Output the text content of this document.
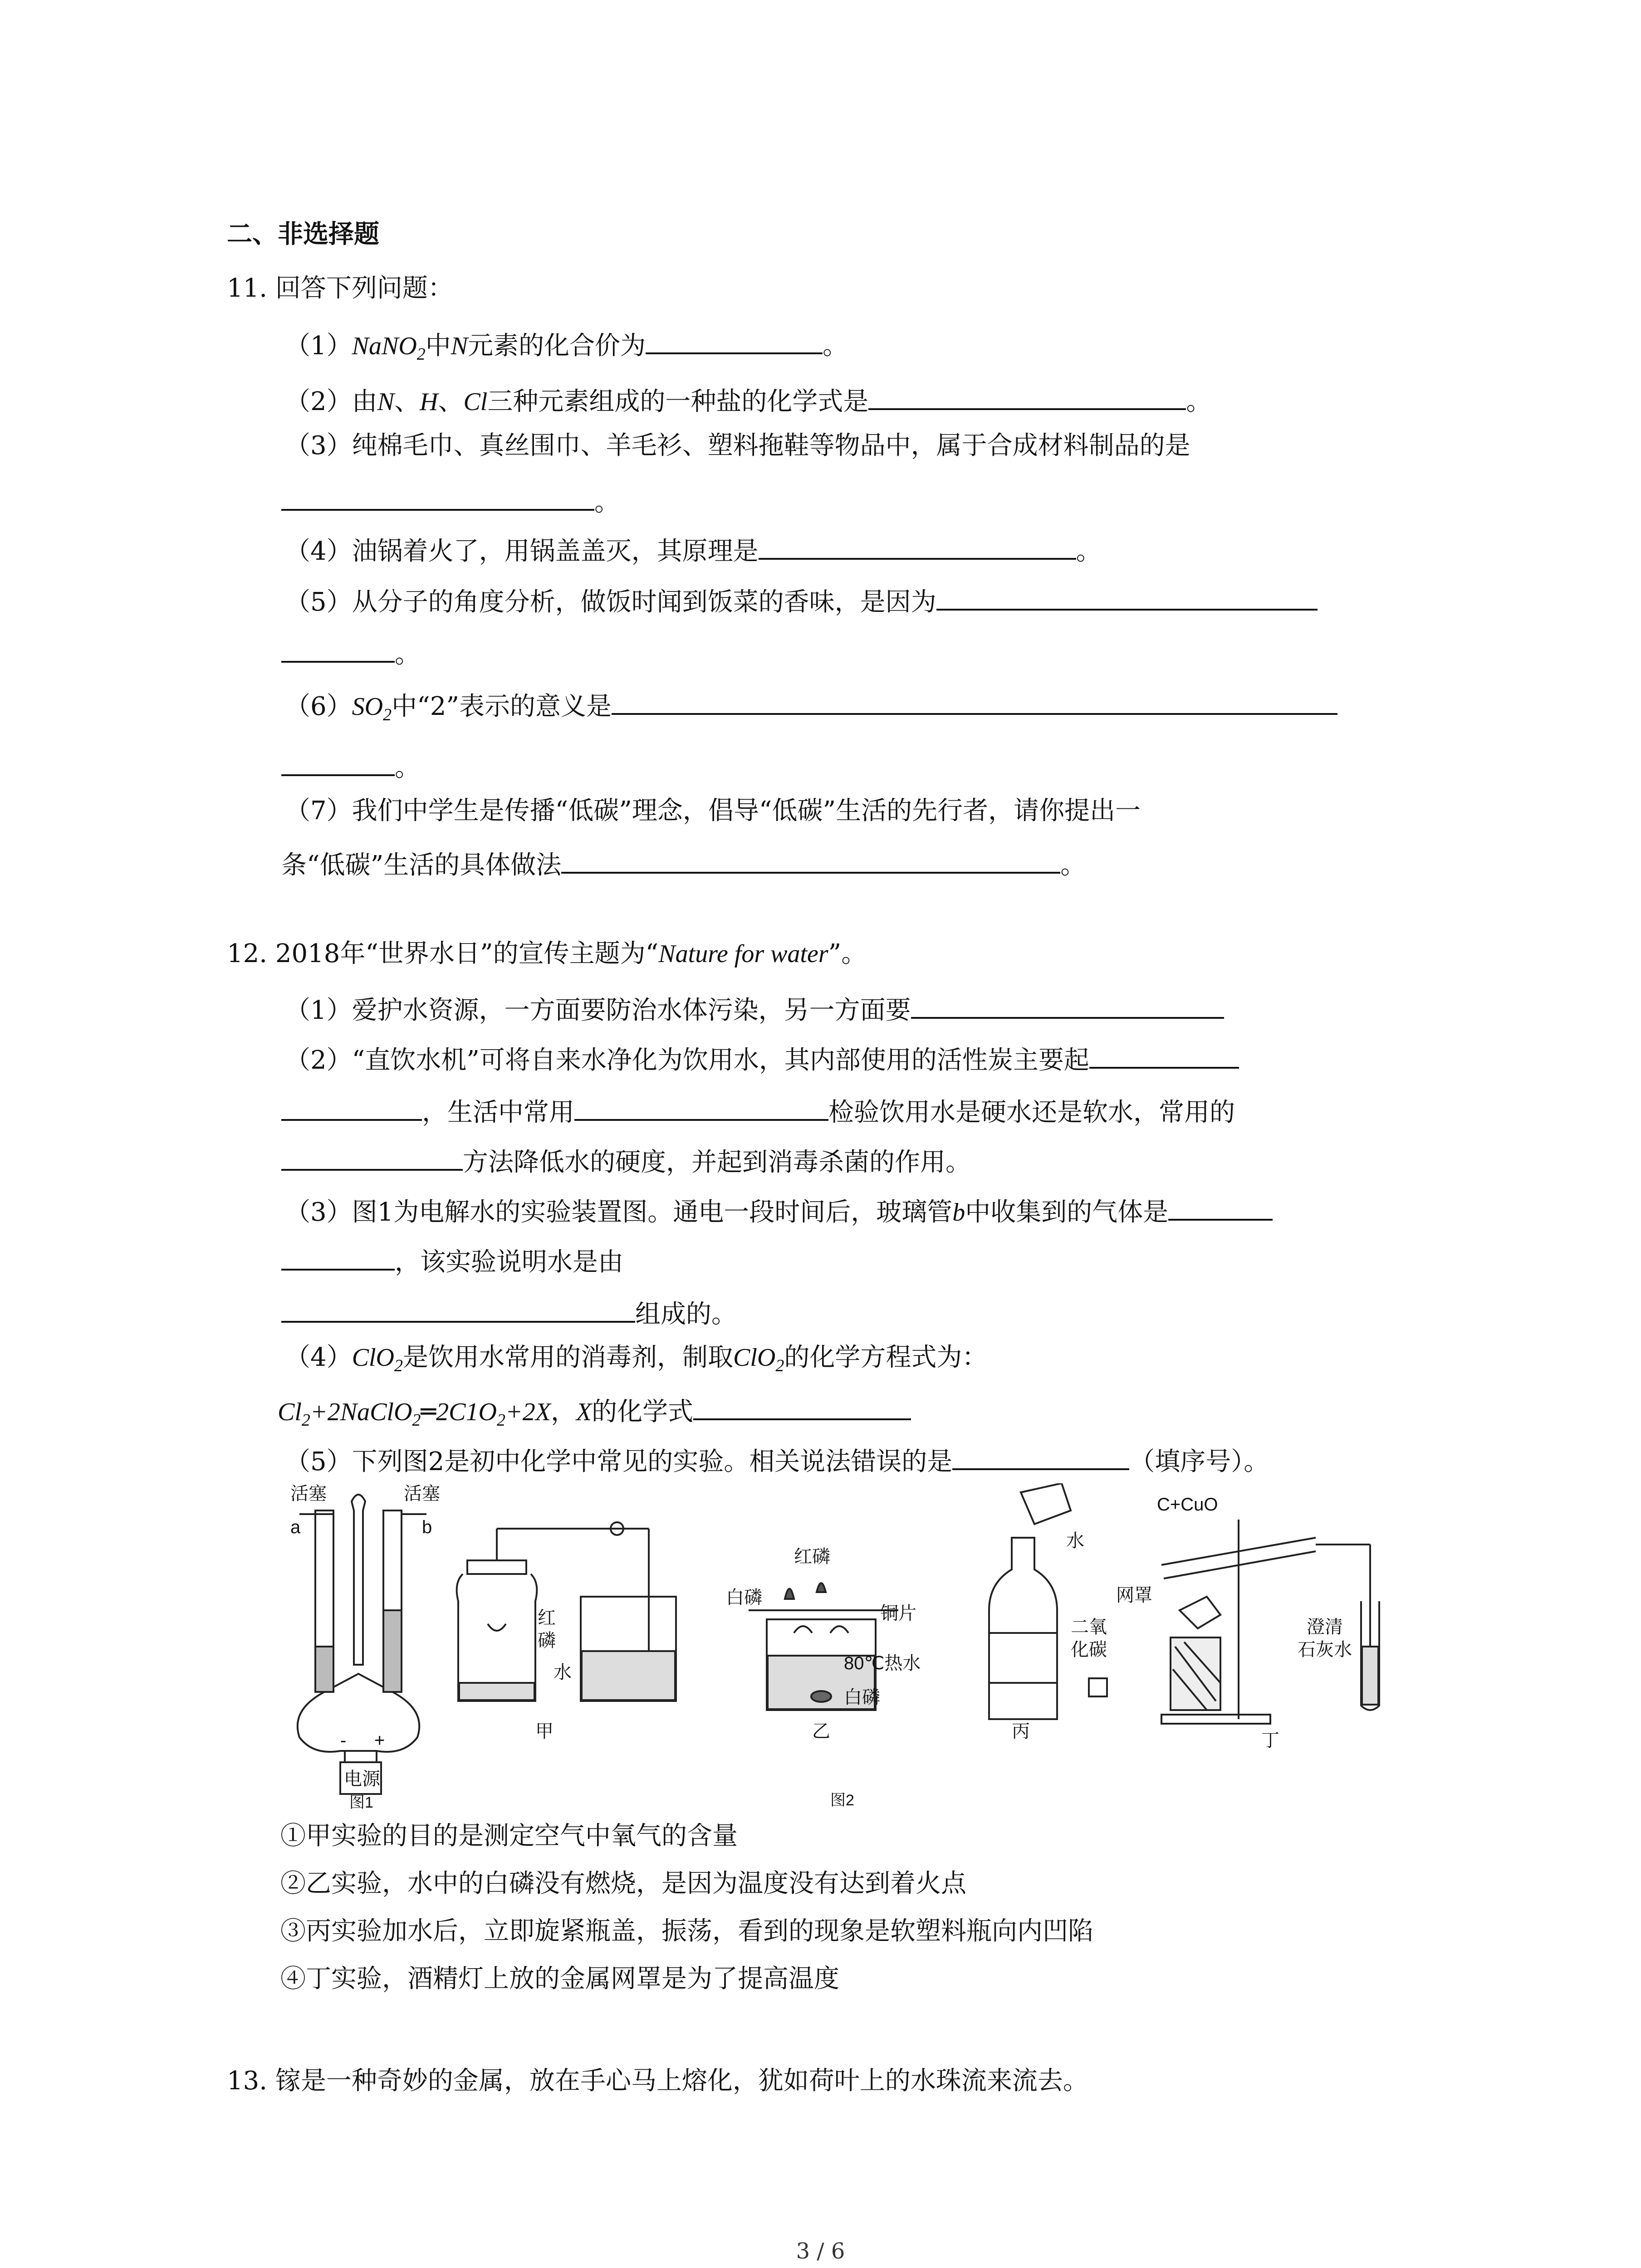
二、非选择题
11. 回答下列问题：
（1）NaNO$_2$中N元素的化合价为	。
（2）由N、H、Cl三种元素组成的一种盐的化学式是	。
（3）纯棉毛巾、真丝围巾、羊毛衫、塑料拖鞋等物品中，属于合成材料制品的是
。
（4）油锅着火了，用锅盖盖灭，其原理是	。
（5）从分子的角度分析，做饭时闻到饭菜的香味，是因为
。
$(6)SO_2$中“2”表示的意义是
。
（7）我们中学生是传播“低碳”理念，倡导“低碳”生活的先行者，请你提出一
条“低碳”生活的具体做法	。
12. 2018年“世界水日”的宣传主题为“Nature for water”。
（1）爱护水资源，一方面要防治水体污染，另一方面要
（2）“直饮水机”可将自来水净化为饮用水，其内部使用的活性炭主要起
，生活中常用	检验饮用水是硬水还是软水，常用的
方法降低水的硬度，并起到消毒杀菌的作用。
（3）图1为电解水的实验装置图。通电一段时间后，玻璃管b中收集到的气体是
，该实验说明水是由
组成的。
（4）ClO$_2$是饮用水常用的消毒剂，制取ClO$_2$的化学方程式为：
$Cl_2+2NaClO_2═2C1O_2+2X$，X的化学式
（5）下列图2是初中化学中常见的实验。相关说法错误的是	（填序号）。
活塞	活塞
a	b
- +
电源
图1
红
磷
水
甲
红磷
白磷
铜片
80℃热水
白磷
乙
图2
水
二氧
化碳
丙
C+CuO
网罩
澄清
石灰水
丁
①甲实验的目的是测定空气中氧气的含量
②乙实验，水中的白磷没有燃烧，是因为温度没有达到着火点
③丙实验加水后，立即旋紧瓶盖，振荡，看到的现象是软塑料瓶向内凹陷
④丁实验，酒精灯上放的金属网罩是为了提高温度
13. 镓是一种奇妙的金属，放在手心马上熔化，犹如荷叶上的水珠流来流去。
3 / 6
